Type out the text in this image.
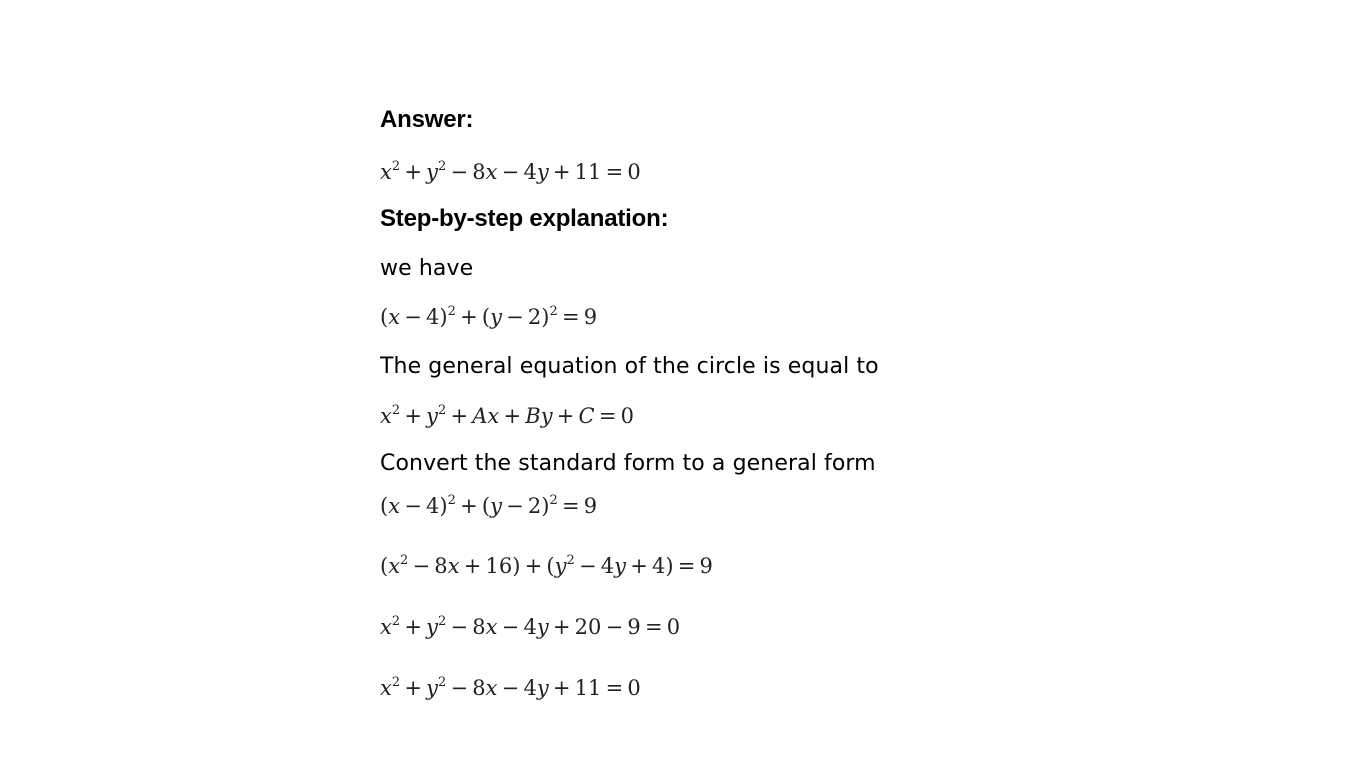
Answer:
$x^2 + y^2 - 8x - 4y + 11 = 0$
Step-by-step explanation:
we have
$(x - 4)^2 + (y - 2)^2 = 9$
The general equation of the circle is equal to
$x^2 + y^2 + Ax + By + C = 0$
Convert the standard form to a general form
$(x - 4)^2 + (y - 2)^2 = 9$
$(x^2 - 8x + 16) + (y^2 - 4y + 4) = 9$
$x^2 + y^2 - 8x - 4y + 20 - 9 = 0$
$x^2 + y^2 - 8x - 4y + 11 = 0$
